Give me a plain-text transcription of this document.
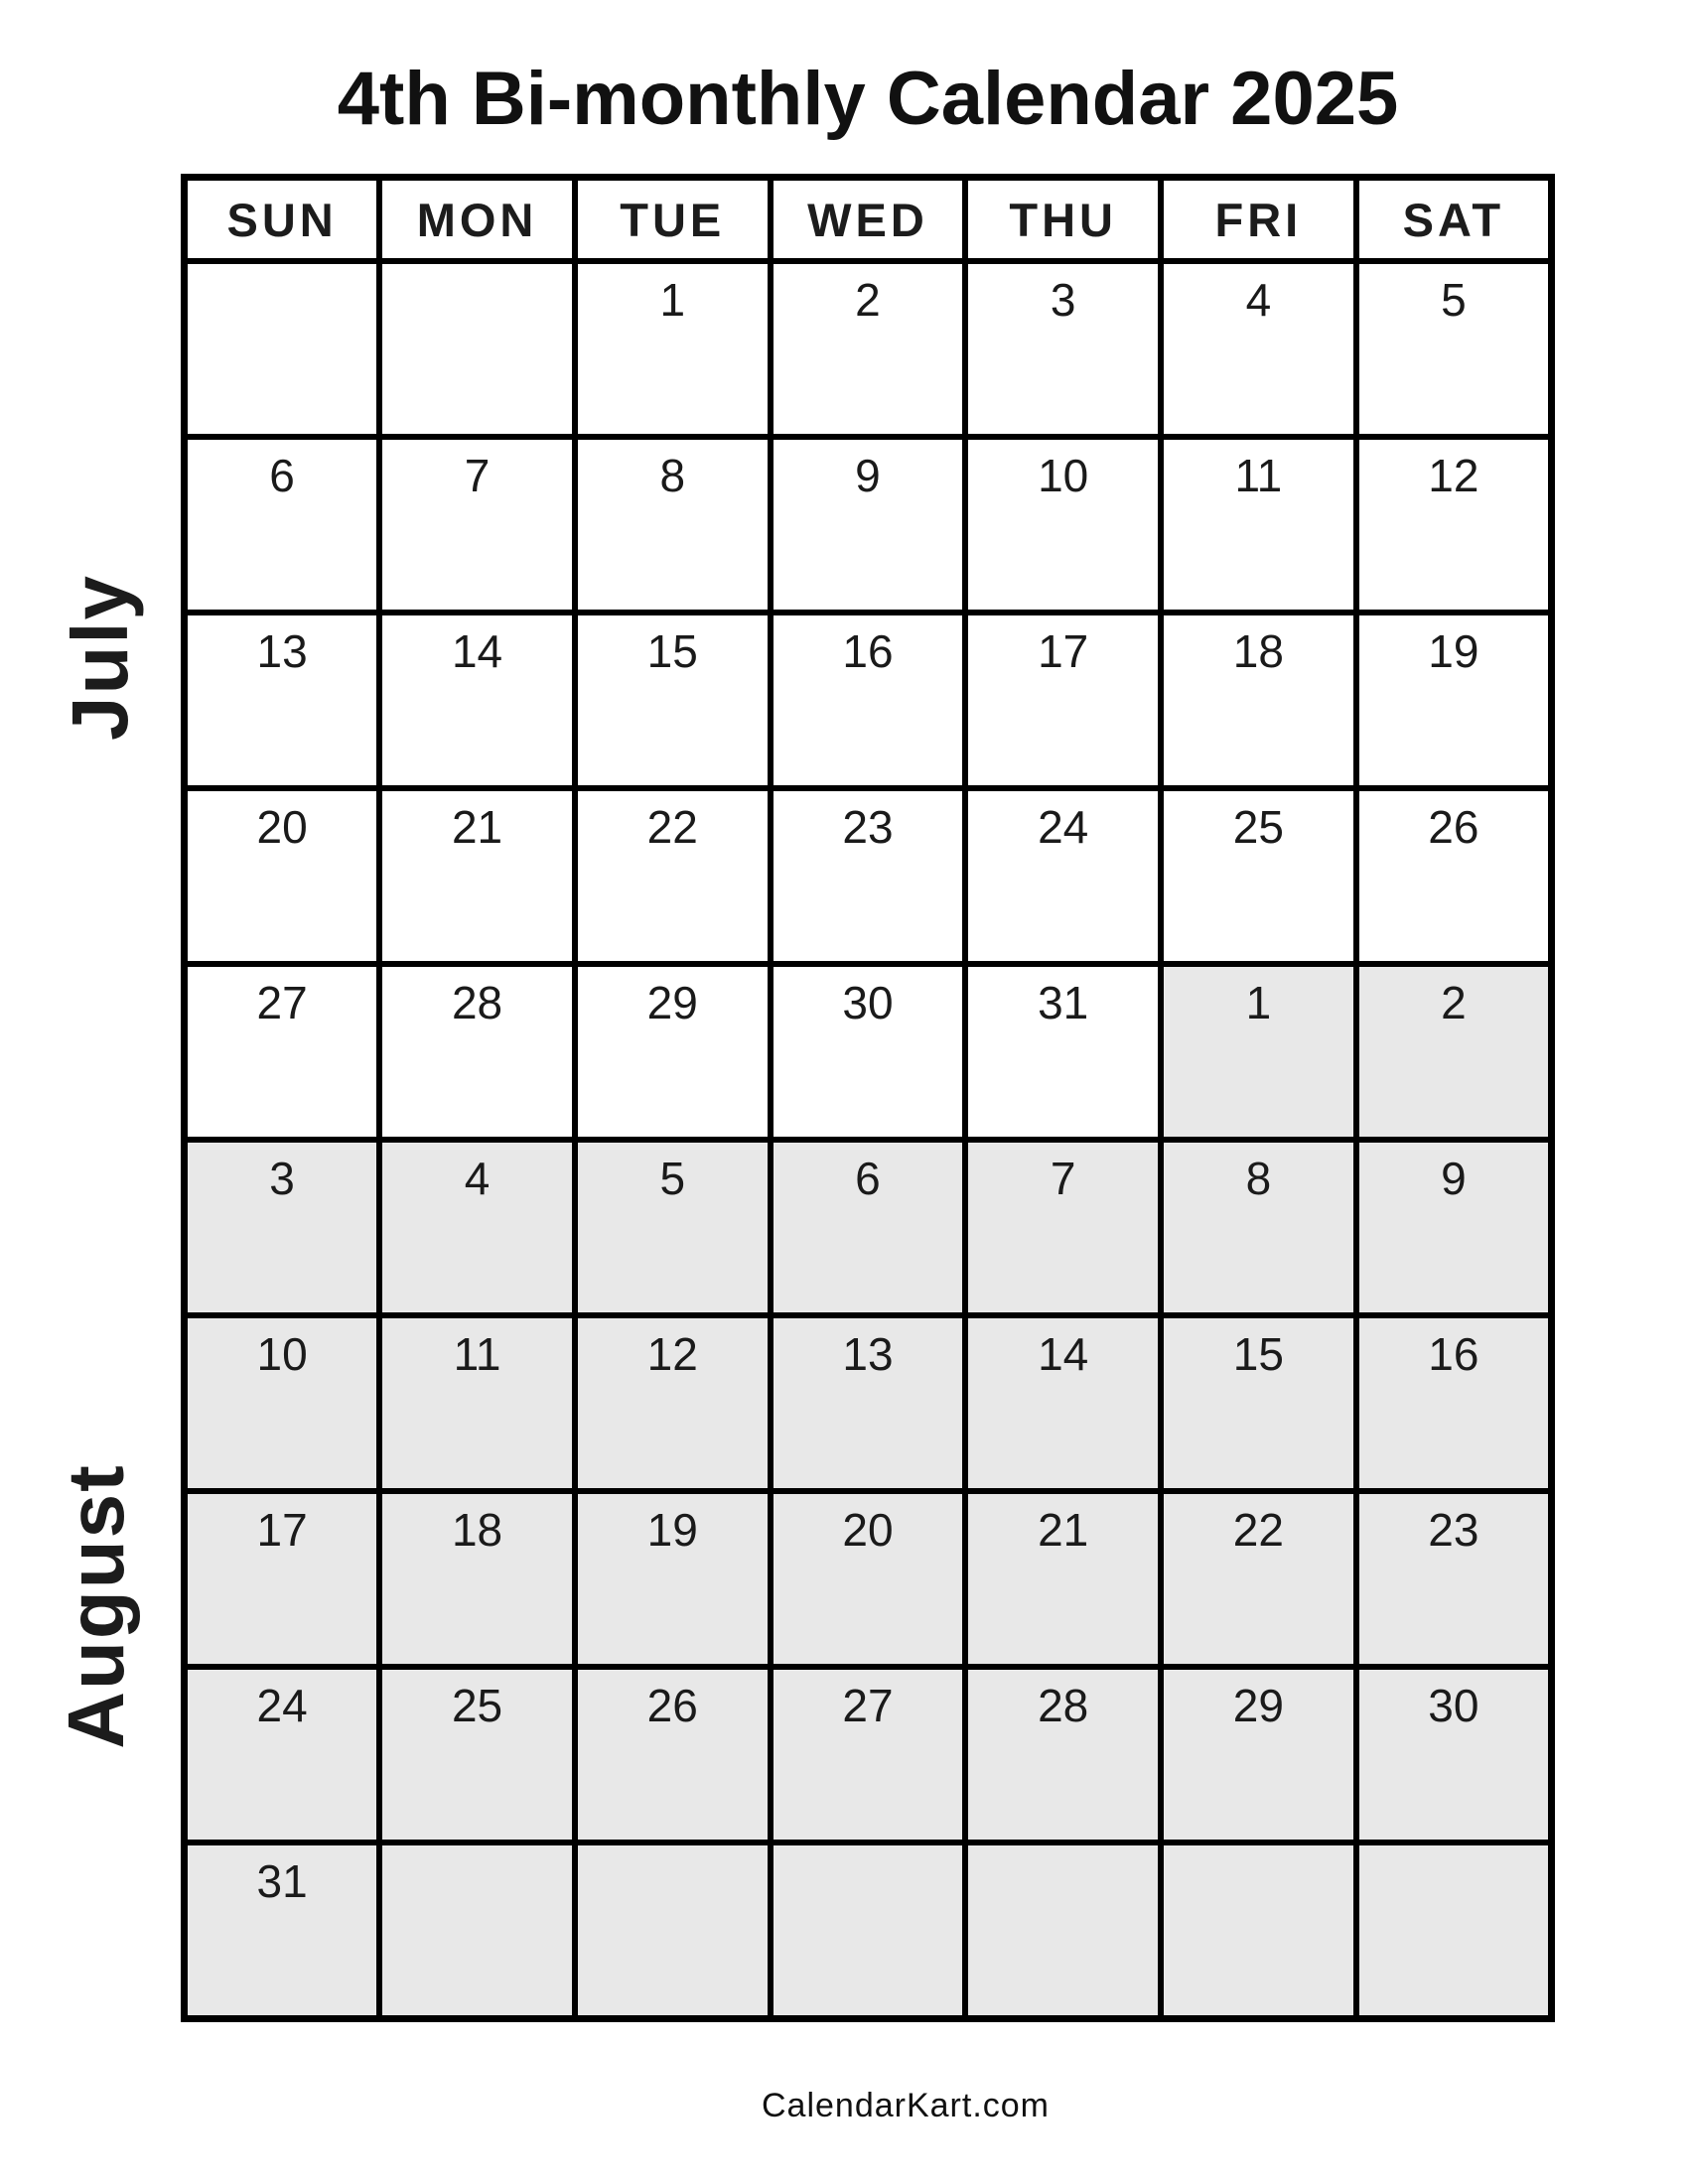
4th Bi-monthly Calendar 2025
July
August
SUN	MON	TUE	WED	THU	FRI	SAT
		1	2	3	4	5
6	7	8	9	10	11	12
13	14	15	16	17	18	19
20	21	22	23	24	25	26
27	28	29	30	31	1	2
3	4	5	6	7	8	9
10	11	12	13	14	15	16
17	18	19	20	21	22	23
24	25	26	27	28	29	30
31						
CalendarKart.com
